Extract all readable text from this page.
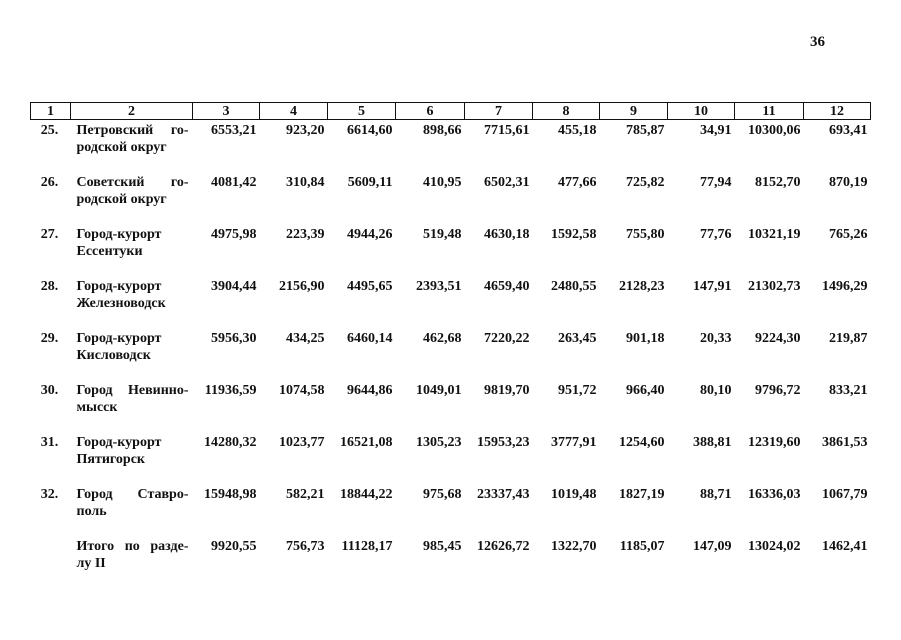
36
1	2	3	4	5	6	7	8	9	10	11	12
25.	Петровский го-родской округ	6553,21	923,20	6614,60	898,66	7715,61	455,18	785,87	34,91	10300,06	693,41
26.	Советский го-родской округ	4081,42	310,84	5609,11	410,95	6502,31	477,66	725,82	77,94	8152,70	870,19
27.	Город-курорт Ессентуки	4975,98	223,39	4944,26	519,48	4630,18	1592,58	755,80	77,76	10321,19	765,26
28.	Город-курорт Железноводск	3904,44	2156,90	4495,65	2393,51	4659,40	2480,55	2128,23	147,91	21302,73	1496,29
29.	Город-курорт Кисловодск	5956,30	434,25	6460,14	462,68	7220,22	263,45	901,18	20,33	9224,30	219,87
30.	Город Невинно-мысск	11936,59	1074,58	9644,86	1049,01	9819,70	951,72	966,40	80,10	9796,72	833,21
31.	Город-курорт Пятигорск	14280,32	1023,77	16521,08	1305,23	15953,23	3777,91	1254,60	388,81	12319,60	3861,53
32.	Город Ставро-поль	15948,98	582,21	18844,22	975,68	23337,43	1019,48	1827,19	88,71	16336,03	1067,79
	Итого по разде-лу II	9920,55	756,73	11128,17	985,45	12626,72	1322,70	1185,07	147,09	13024,02	1462,41
